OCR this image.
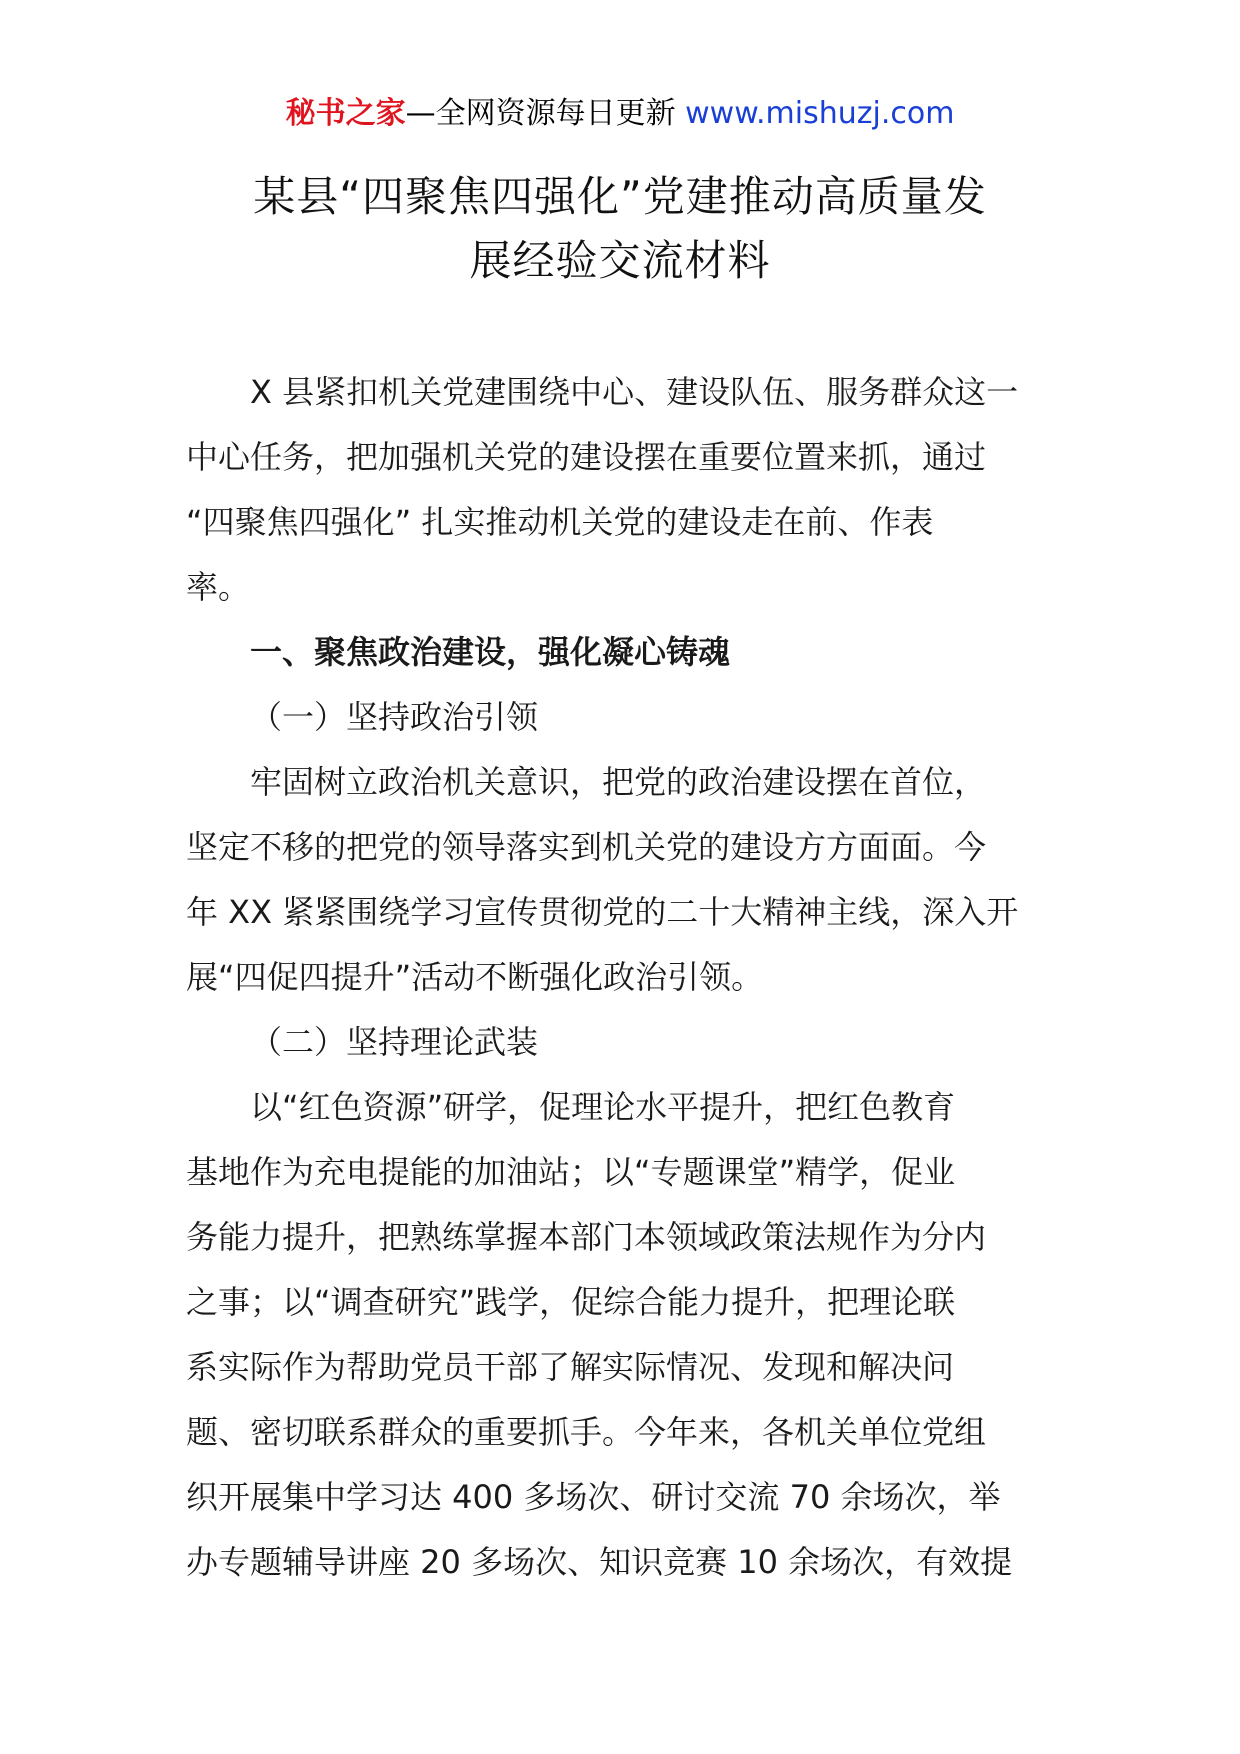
秘书之家—全网资源每日更新 www.mishuzj.com
某县“四聚焦四强化”党建推动高质量发
展经验交流材料

X 县紧扣机关党建围绕中心、建设队伍、服务群众这一
中心任务，把加强机关党的建设摆在重要位置来抓，通过
“四聚焦四强化” 扎实推动机关党的建设走在前、作表
率。

一、聚焦政治建设，强化凝心铸魂

（一）坚持政治引领

牢固树立政治机关意识，把党的政治建设摆在首位，
坚定不移的把党的领导落实到机关党的建设方方面面。今
年 XX 紧紧围绕学习宣传贯彻党的二十大精神主线，深入开
展“四促四提升”活动不断强化政治引领。

（二）坚持理论武装

以“红色资源”研学，促理论水平提升，把红色教育
基地作为充电提能的加油站；以“专题课堂”精学，促业
务能力提升，把熟练掌握本部门本领域政策法规作为分内
之事；以“调查研究”践学，促综合能力提升，把理论联
系实际作为帮助党员干部了解实际情况、发现和解决问
题、密切联系群众的重要抓手。今年来，各机关单位党组
织开展集中学习达 400 多场次、研讨交流 70 余场次，举
办专题辅导讲座 20 多场次、知识竞赛 10 余场次，有效提
